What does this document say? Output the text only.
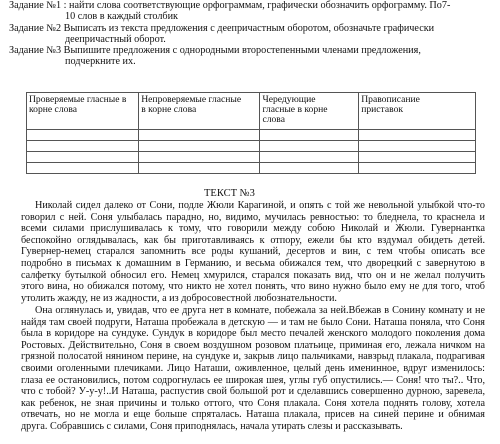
Задание №1 : найти слова соответствующие орфограммам, графически обозначить орфограмму. По7-
10 слов в каждый столбик
Задание №2 Выписать из текста предложения с деепричастным оборотом, обозначьте графически
деепричастный оборот.
Задание №3 Выпишите предложения с однородными второстепенными членами предложения,
подчеркните их.
Проверяемые гласные в
корне слова	Непроверяемые гласные
в корне слова	Чередующие
гласные в корне
слова	Правописание
приставок

ТЕКСТ №3
Николай сидел далеко от Сони, подле Жюли Карагиной, и опять с той же невольной улыбкой что-то
говорил с ней. Соня улыбалась парадно, но, видимо, мучилась ревностью: то бледнела, то краснела и
всеми силами прислушивалась к тому, что говорили между собою Николай и Жюли. Гувернантка
беспокойно оглядывалась, как бы приготавливаясь к отпору, ежели бы кто вздумал обидеть детей.
Гувернер-немец старался запомнить все роды кушаний, десертов и вин, с тем чтобы описать все
подробно в письмах к домашним в Германию, и весьма обижался тем, что дворецкий с завернутою в
салфетку бутылкой обносил его. Немец хмурился, старался показать вид, что он и не желал получить
этого вина, но обижался потому, что никто не хотел понять, что вино нужно было ему не для того, чтоб
утолить жажду, не из жадности, а из добросовестной любознательности.
Она оглянулась и, увидав, что ее друга нет в комнате, побежала за ней.Вбежав в Сонину комнату и не
найдя там своей подруги, Наташа пробежала в детскую — и там не было Сони. Наташа поняла, что Соня
была в коридоре на сундуке. Сундук в коридоре был место печалей женского молодого поколения дома
Ростовых. Действительно, Соня в своем воздушном розовом платьице, приминая его, лежала ничком на
грязной полосатой нянином перине, на сундуке и, закрыв лицо пальчиками, навзрыд плакала, подрагивая
своими оголенными плечиками. Лицо Наташи, оживленное, целый день именинное, вдруг изменилось:
глаза ее остановились, потом содрогнулась ее широкая шея, углы губ опустились.— Соня! что ты?.. Что,
что с тобой? У-у-у!..И Наташа, распустив свой большой рот и сделавшись совершенно дурною, заревела,
как ребенок, не зная причины и только оттого, что Соня плакала. Соня хотела поднять голову, хотела
отвечать, но не могла и еще больше спряталась. Наташа плакала, присев на синей перине и обнимая
друга. Собравшись с силами, Соня приподнялась, начала утирать слезы и рассказывать.
